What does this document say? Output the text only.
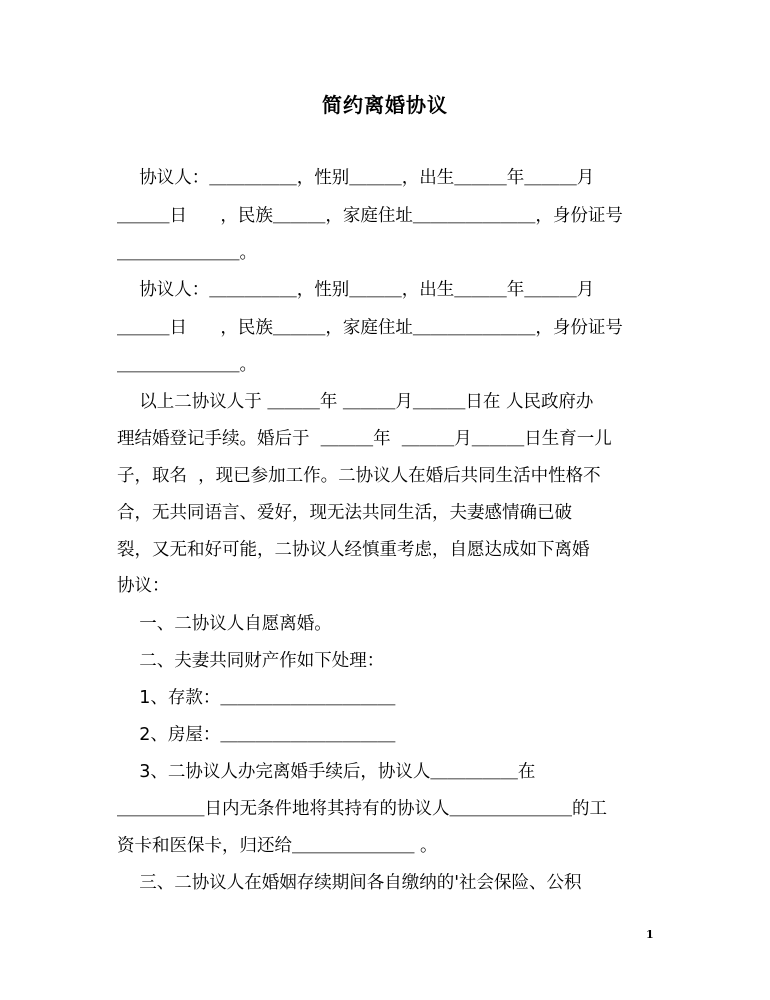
简约离婚协议
协议人：＿＿＿＿＿，性别＿＿＿，出生＿＿＿年＿＿＿月
＿＿＿日      ，民族＿＿＿，家庭住址＿＿＿＿＿＿＿，身份证号
＿＿＿＿＿＿＿。
协议人：＿＿＿＿＿，性别＿＿＿，出生＿＿＿年＿＿＿月
＿＿＿日      ，民族＿＿＿，家庭住址＿＿＿＿＿＿＿，身份证号
＿＿＿＿＿＿＿。
以上二协议人于 ＿＿＿年 ＿＿＿月＿＿＿日在 人民政府办
理结婚登记手续。婚后于  ＿＿＿年  ＿＿＿月＿＿＿日生育一儿
子，取名  ，现已参加工作。二协议人在婚后共同生活中性格不
合，无共同语言、爱好，现无法共同生活，夫妻感情确已破
裂，又无和好可能，二协议人经慎重考虑，自愿达成如下离婚
协议：
一、二协议人自愿离婚。
二、夫妻共同财产作如下处理：
1、存款：＿＿＿＿＿＿＿＿＿＿
2、房屋：＿＿＿＿＿＿＿＿＿＿
3、二协议人办完离婚手续后，协议人＿＿＿＿＿在
＿＿＿＿＿日内无条件地将其持有的协议人＿＿＿＿＿＿＿的工
资卡和医保卡，归还给＿＿＿＿＿＿＿ 。
三、二协议人在婚姻存续期间各自缴纳的'社会保险、公积
1
